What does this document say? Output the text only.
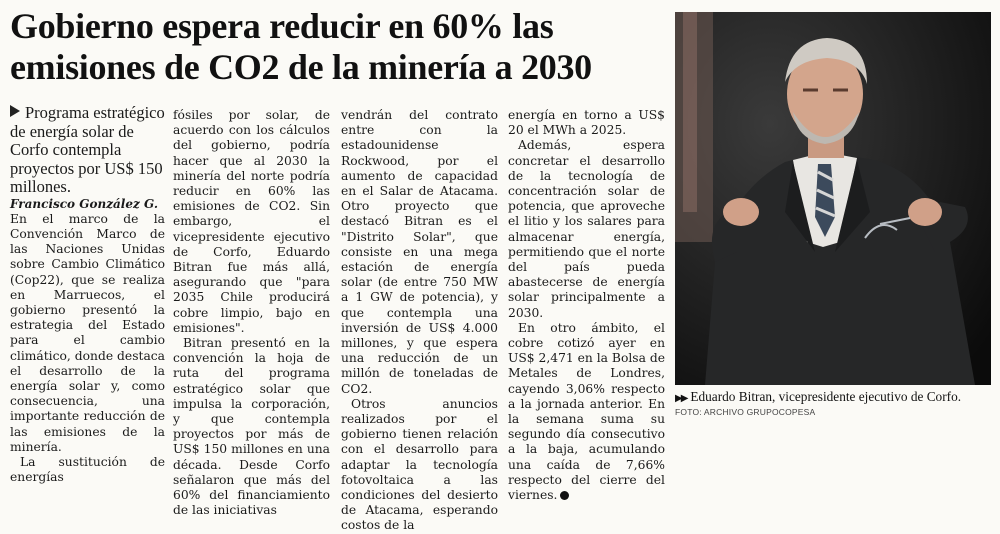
Gobierno espera reducir en 60% las
emisiones de CO2 de la minería a 2030

Programa estratégico de energía solar de Corfo contempla proyectos por US$ 150 millones.

Francisco González G.

En el marco de la Convención Marco de las Naciones Unidas sobre Cambio Climático (Cop22), que se realiza en Marruecos, el gobierno presentó la estrategia del Estado para el cambio climático, donde destaca el desarrollo de la energía solar y, como consecuencia, una importante reducción de las emisiones de la minería.

La sustitución de energías

fósiles por solar, de acuerdo con los cálculos del gobierno, podría hacer que al 2030 la minería del norte podría reducir en 60% las emisiones de CO2. Sin embargo, el vicepresidente ejecutivo de Corfo, Eduardo Bitran fue más allá, asegurando que "para 2035 Chile producirá cobre limpio, bajo en emisiones".

Bitran presentó en la convención la hoja de ruta del programa estratégico solar que impulsa la corporación, y que contempla proyectos por más de US$ 150 millones en una década. Desde Corfo señalaron que más del 60% del financiamiento de las iniciativas

vendrán del contrato entre con la estadounidense Rockwood, por el aumento de capacidad en el Salar de Atacama. Otro proyecto que destacó Bitran es el "Distrito Solar", que consiste en una mega estación de energía solar (de entre 750 MW a 1 GW de potencia), y que contempla una inversión de US$ 4.000 millones, y que espera una reducción de un millón de toneladas de CO2.

Otros anuncios realizados por el gobierno tienen relación con el desarrollo para adaptar la tecnología fotovoltaica a las condiciones del desierto de Atacama, esperando costos de la

energía en torno a US$ 20 el MWh a 2025.

Además, espera concretar el desarrollo de la tecnología de concentración solar de potencia, que aproveche el litio y los salares para almacenar energía, permitiendo que el norte del país pueda abastecerse de energía solar principalmente a 2030.

En otro ámbito, el cobre cotizó ayer en US$ 2,471 en la Bolsa de Metales de Londres, cayendo 3,06% respecto a la jornada anterior. En la semana suma su segundo día consecutivo a la baja, acumulando una caída de 7,66% respecto del cierre del viernes.

▶▶ Eduardo Bitran, vicepresidente ejecutivo de Corfo.
FOTO: ARCHIVO GRUPOCOPESA
